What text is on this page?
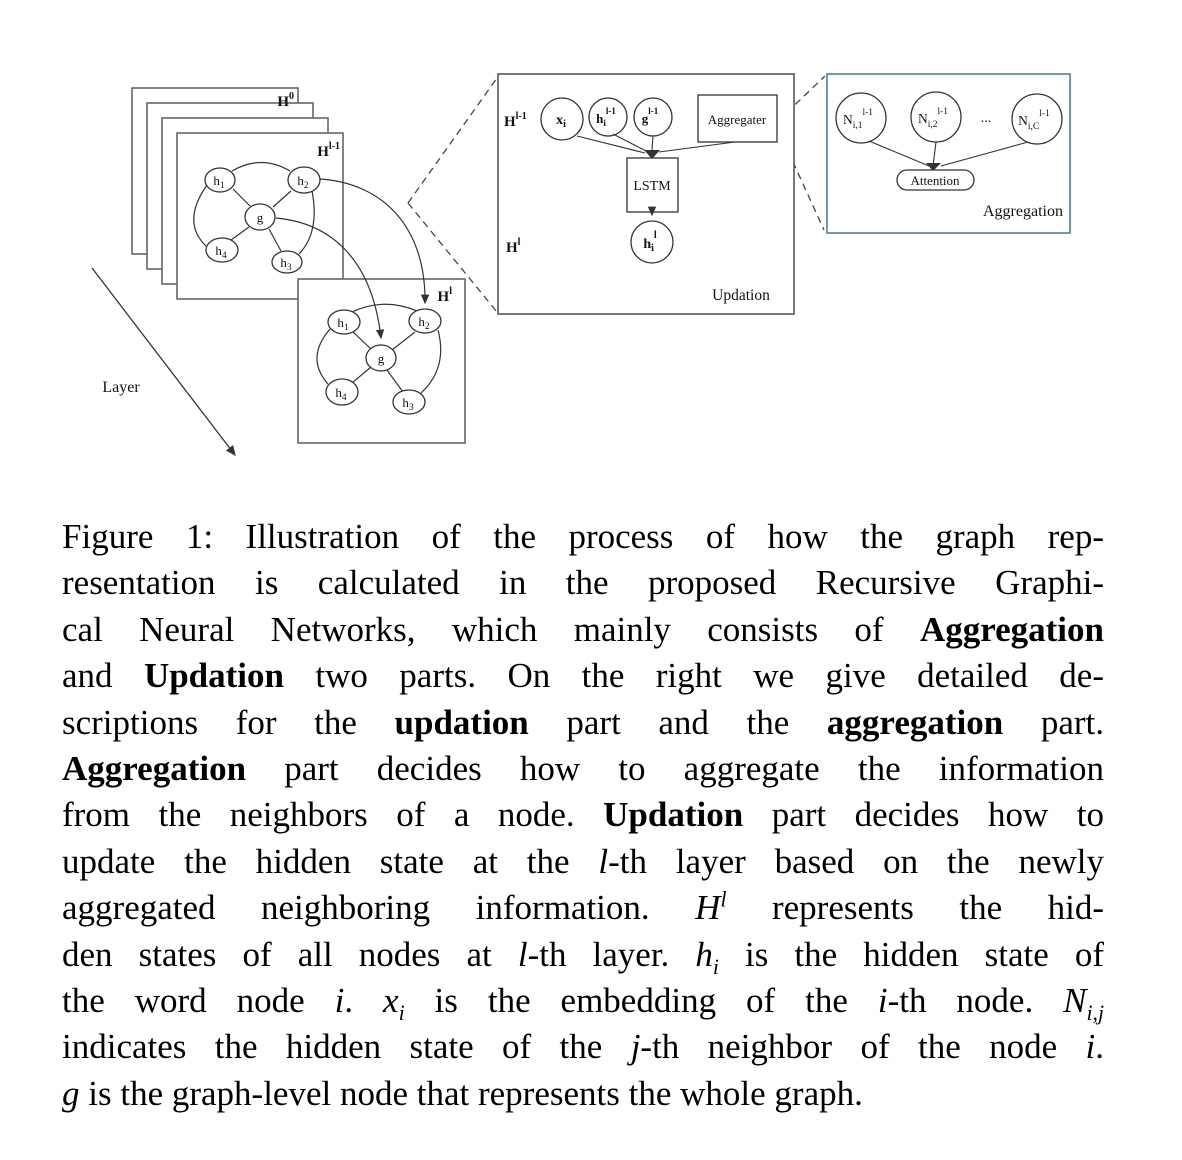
$H^0$
$H^{l-1}$
$h_1$	$h_2$
g
$h_4$	$h_3$
$H^l$
$h_1$	$h_2$
g
$h_4$	$h_3$
Layer
$H^{l-1}$
$H^l$
$x_i$ $h_i^{l-1}$ $g^{l-1}$
Aggregater
LSTM
$h_i^l$
Updation
$N_{i,1}^{l-1}$	$N_{i,2}^{l-1}$ ... $N_{i,C}^{l-1}$
Attention
Aggregation
Figure 1: Illustration of the process of how the graph rep-
resentation is calculated in the proposed Recursive Graphi-
cal Neural Networks, which mainly consists of Aggregation
and Updation two parts. On the right we give detailed de-
scriptions for the updation part and the aggregation part.
Aggregation part decides how to aggregate the information
from the neighbors of a node. Updation part decides how to
update the hidden state at the l-th layer based on the newly
aggregated neighboring information. $H^l$ represents the hid-
den states of all nodes at l-th layer. $h_i$ is the hidden state of
the word node i. $x_i$ is the embedding of the i-th node. $N_{i,j}$
indicates the hidden state of the j-th neighbor of the node i.
g is the graph-level node that represents the whole graph.
